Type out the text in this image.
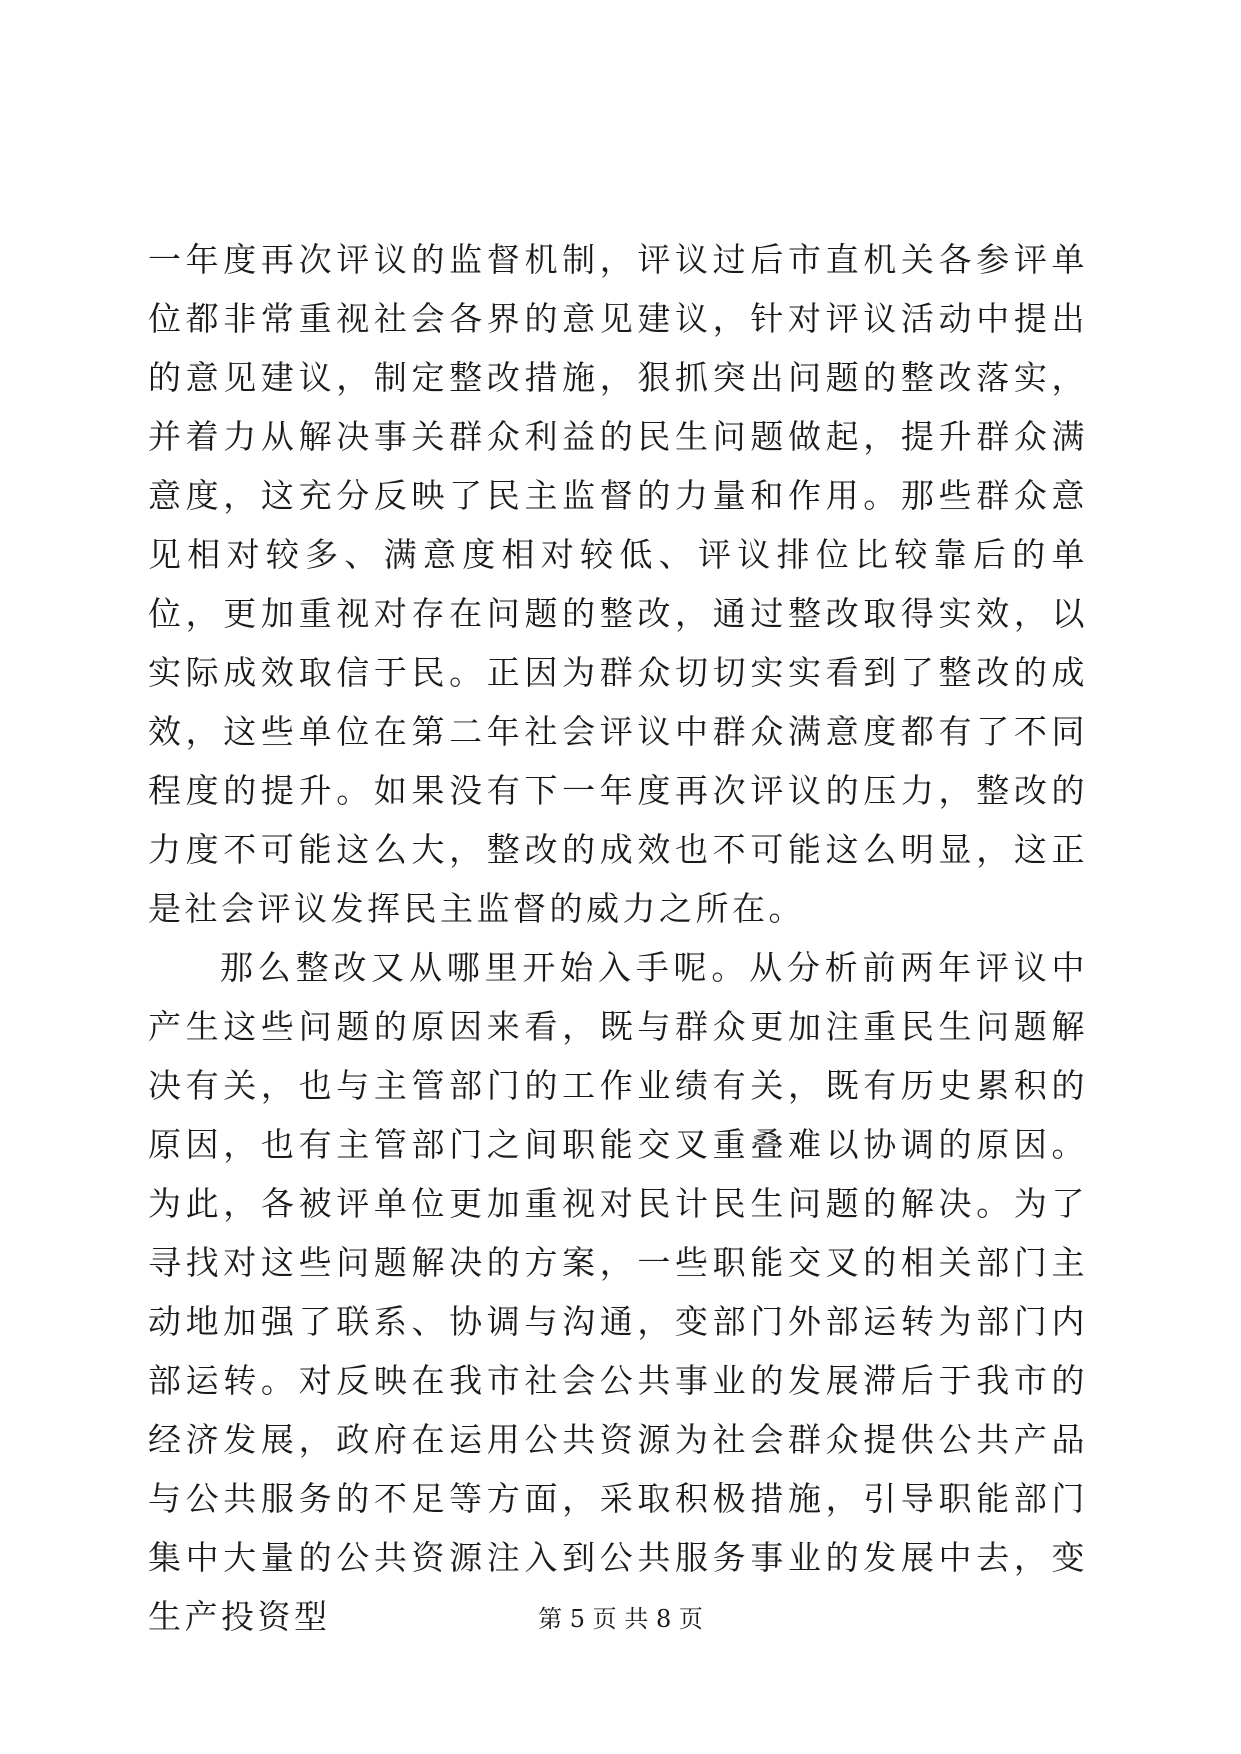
一年度再次评议的监督机制，评议过后市直机关各参评单位都非常重视社会各界的意见建议，针对评议活动中提出的意见建议，制定整改措施，狠抓突出问题的整改落实，并着力从解决事关群众利益的民生问题做起，提升群众满意度，这充分反映了民主监督的力量和作用。那些群众意见相对较多、满意度相对较低、评议排位比较靠后的单位，更加重视对存在问题的整改，通过整改取得实效，以实际成效取信于民。正因为群众切切实实看到了整改的成效，这些单位在第二年社会评议中群众满意度都有了不同程度的提升。如果没有下一年度再次评议的压力，整改的力度不可能这么大，整改的成效也不可能这么明显，这正是社会评议发挥民主监督的威力之所在。

那么整改又从哪里开始入手呢。从分析前两年评议中产生这些问题的原因来看，既与群众更加注重民生问题解决有关，也与主管部门的工作业绩有关，既有历史累积的原因，也有主管部门之间职能交叉重叠难以协调的原因。为此，各被评单位更加重视对民计民生问题的解决。为了寻找对这些问题解决的方案，一些职能交叉的相关部门主动地加强了联系、协调与沟通，变部门外部运转为部门内部运转。对反映在我市社会公共事业的发展滞后于我市的经济发展，政府在运用公共资源为社会群众提供公共产品与公共服务的不足等方面，采取积极措施，引导职能部门集中大量的公共资源注入到公共服务事业的发展中去，变生产投资型	第 5 页 共 8 页
